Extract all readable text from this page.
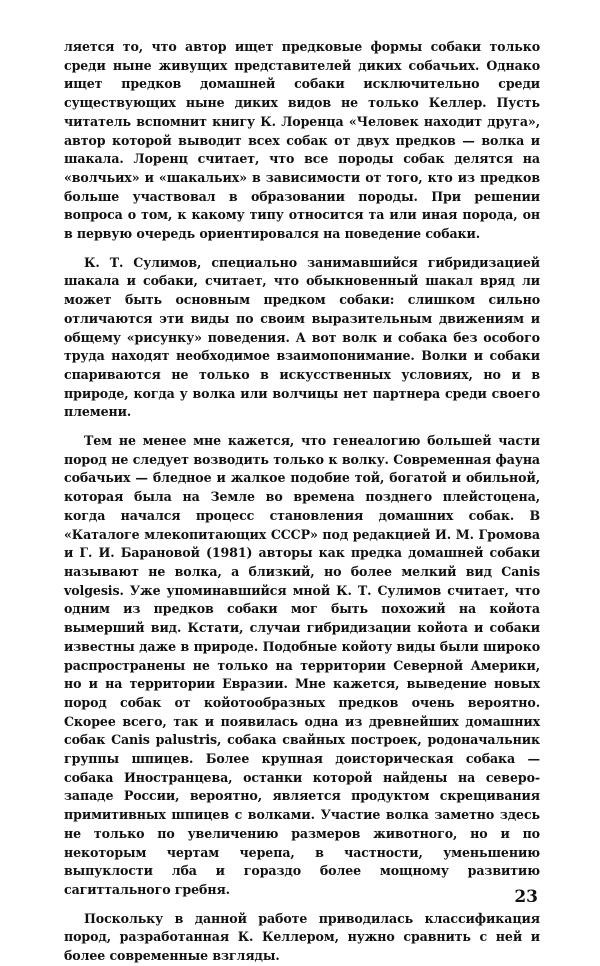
ляется то, что автор ищет предковые формы собаки только среди ныне живущих представителей диких собачьих. Однако ищет предков домашней собаки исключительно среди существующих ныне диких видов не только Келлер. Пусть читатель вспомнит книгу К. Лоренца «Человек находит друга», автор которой выводит всех собак от двух предков — волка и шакала. Лоренц считает, что все породы собак делятся на «волчьих» и «шакальих» в зависимости от того, кто из предков больше участвовал в образовании породы. При решении вопроса о том, к какому типу относится та или иная порода, он в первую очередь ориентировался на поведение собаки.

К. Т. Сулимов, специально занимавшийся гибридизацией шакала и собаки, считает, что обыкновенный шакал вряд ли может быть основным предком собаки: слишком сильно отличаются эти виды по своим выразительным движениям и общему «рисунку» поведения. А вот волк и собака без особого труда находят необходимое взаимопонимание. Волки и собаки спариваются не только в искусственных условиях, но и в природе, когда у волка или волчицы нет партнера среди своего племени.

Тем не менее мне кажется, что генеалогию большей части пород не следует возводить только к волку. Современная фауна собачьих — бледное и жалкое подобие той, богатой и обильной, которая была на Земле во времена позднего плейстоцена, когда начался процесс становления домашних собак. В «Каталоге млекопитающих СССР» под редакцией И. М. Громова и Г. И. Барановой (1981) авторы как предка домашней собаки называют не волка, а близкий, но более мелкий вид Canis volgesis. Уже упоминавшийся мной К. Т. Сулимов считает, что одним из предков собаки мог быть похожий на койота вымерший вид. Кстати, случаи гибридизации койота и собаки известны даже в природе. Подобные койоту виды были широко распространены не только на территории Северной Америки, но и на территории Евразии. Мне кажется, выведение новых пород собак от койотообразных предков очень вероятно. Скорее всего, так и появилась одна из древнейших домашних собак Canis palustris, собака свайных построек, родоначальник группы шпицев. Более крупная доисторическая собака — собака Иностранцева, останки которой найдены на северо-западе России, вероятно, является продуктом скрещивания примитивных шпицев с волками. Участие волка заметно здесь не только по увеличению размеров животного, но и по некоторым чертам черепа, в частности, уменьшению выпуклости лба и гораздо более мощному развитию сагиттального гребня.

Поскольку в данной работе приводилась классификация пород, разработанная К. Келлером, нужно сравнить с ней и более современные взгляды.

23
